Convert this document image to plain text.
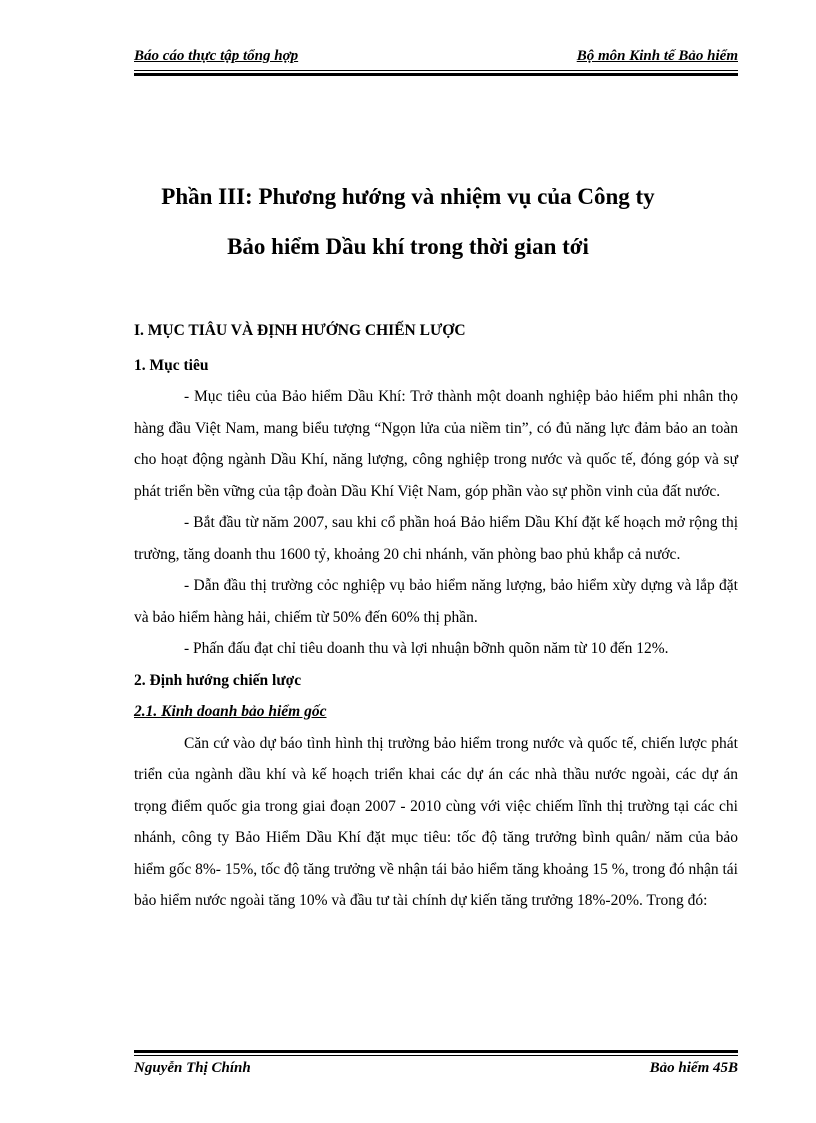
Báo cáo thực tập tổng hợp	Bộ môn Kinh tế Bảo hiểm
Phần III: Phương hướng và nhiệm vụ của Công ty
Bảo hiểm Dầu khí trong thời gian tới

I. MỤC TIÂU VÀ ĐỊNH HƯỚNG CHIẾN LƯỢC

1. Mục tiêu

- Mục tiêu của Bảo hiểm Dầu Khí: Trở thành một doanh nghiệp bảo hiểm phi nhân thọ hàng đầu Việt Nam, mang biểu tượng “Ngọn lửa của niềm tin”, có đủ năng lực đảm bảo an toàn cho hoạt động ngành Dầu Khí, năng lượng, công nghiệp trong nước và quốc tế, đóng góp và sự phát triển bền vững của tập đoàn Dầu Khí Việt Nam, góp phần vào sự phồn vinh của đất nước.

- Bắt đầu từ năm 2007, sau khi cổ phần hoá Bảo hiểm Dầu Khí đặt kế hoạch mở rộng thị trường, tăng doanh thu 1600 tỷ, khoảng 20 chi nhánh, văn phòng bao phủ khắp cả nước.

- Dẫn đầu thị trường cỏc nghiệp vụ bảo hiểm năng lượng, bảo hiểm xừy dựng và lắp đặt và bảo hiểm hàng hải, chiếm từ 50% đến 60% thị phần.

- Phấn đấu đạt chỉ tiêu doanh thu và lợi nhuận bỡnh quõn năm từ 10 đến 12%.

2. Định hướng chiến lược

2.1. Kinh doanh bảo hiểm gốc

Căn cứ vào dự báo tình hình thị trường bảo hiểm trong nước và quốc tế, chiến lược phát triển của ngành dầu khí và kế hoạch triển khai các dự án các nhà thầu nước ngoài, các dự án trọng điểm quốc gia trong giai đoạn 2007 - 2010 cùng với việc chiếm lĩnh thị trường tại các chi nhánh, công ty Bảo Hiểm Dầu Khí đặt mục tiêu: tốc độ tăng trưởng bình quân/ năm của bảo hiểm gốc 8%- 15%, tốc độ tăng trưởng về nhận tái bảo hiểm tăng khoảng 15 %, trong đó nhận tái bảo hiểm nước ngoài tăng 10% và đầu tư tài chính dự kiến tăng trưởng 18%-20%. Trong đó:

Nguyễn Thị Chính	Bảo hiểm 45B
